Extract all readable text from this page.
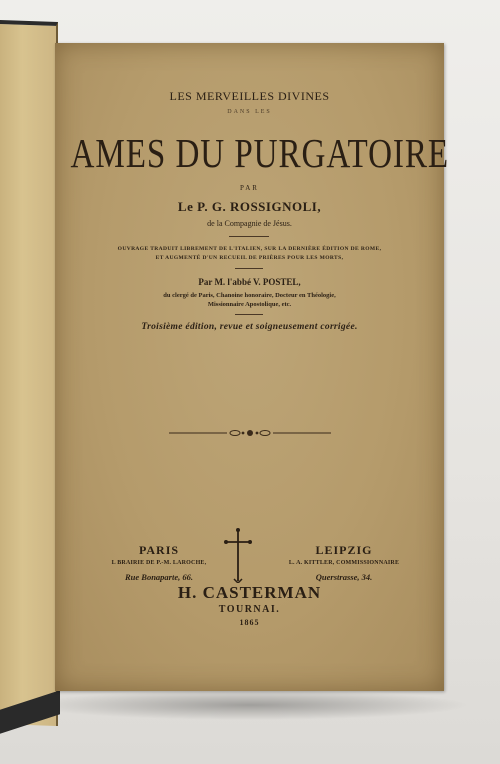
LES MERVEILLES DIVINES
DANS LES
AMES DU PURGATOIRE
PAR
Le P. G. ROSSIGNOLI,
de la Compagnie de Jésus.
OUVRAGE TRADUIT LIBREMENT DE L'ITALIEN, SUR LA DERNIÈRE ÉDITION DE ROME,
ET AUGMENTÉ D'UN RECUEIL DE PRIÈRES POUR LES MORTS,
Par M. l'abbé V. POSTEL,
du clergé de Paris, Chanoine honoraire, Docteur en Théologie,
Missionnaire Apostolique, etc.
Troisième édition, revue et soigneusement corrigée.
PARIS	LEIPZIG
L BRAIRIE DE P.-M. LAROCHE,	L. A. KITTLER, COMMISSIONNAIRE
Rue Bonaparte, 66.	Querstrasse, 34.
H. CASTERMAN
TOURNAI.
1865
